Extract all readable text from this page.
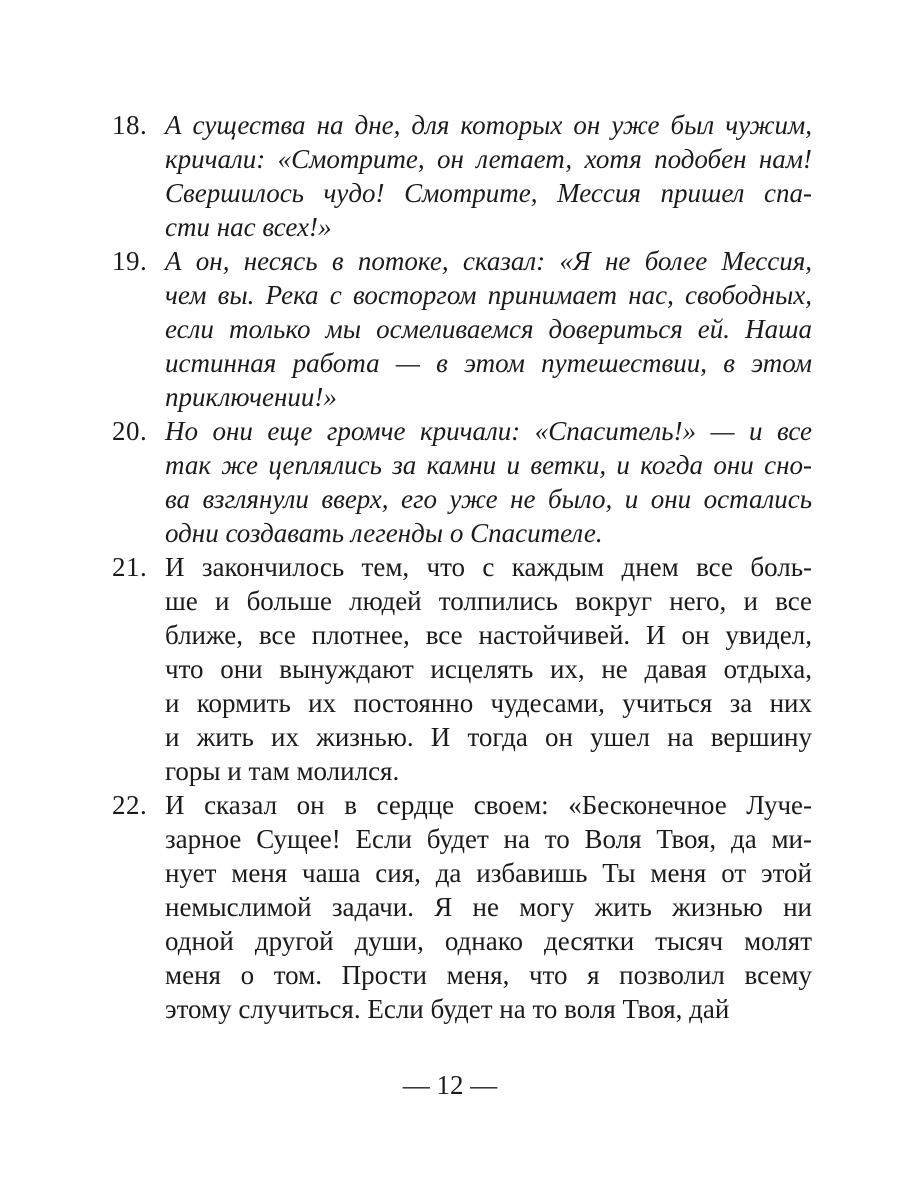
18. А существа на дне, для которых он уже был чужим,
кричали: «Смотрите, он летает, хотя подобен нам!
Свершилось чудо! Смотрите, Мессия пришел спа-
сти нас всех!»
19. А он, несясь в потоке, сказал: «Я не более Мессия,
чем вы. Река с восторгом принимает нас, свободных,
если только мы осмеливаемся довериться ей. Наша
истинная работа — в этом путешествии, в этом
приключении!»
20. Но они еще громче кричали: «Спаситель!» — и все
так же цеплялись за камни и ветки, и когда они сно-
ва взглянули вверх, его уже не было, и они остались
одни создавать легенды о Спасителе.
21. И закончилось тем, что с каждым днем все боль-
ше и больше людей толпились вокруг него, и все
ближе, все плотнее, все настойчивей. И он увидел,
что они вынуждают исцелять их, не давая отдыха,
и кормить их постоянно чудесами, учиться за них
и жить их жизнью. И тогда он ушел на вершину
горы и там молился.
22. И сказал он в сердце своем: «Бесконечное Луче-
зарное Сущее! Если будет на то Воля Твоя, да ми-
нует меня чаша сия, да избавишь Ты меня от этой
немыслимой задачи. Я не могу жить жизнью ни
одной другой души, однако десятки тысяч молят
меня о том. Прости меня, что я позволил всему
этому случиться. Если будет на то воля Твоя, дай
— 12 —
